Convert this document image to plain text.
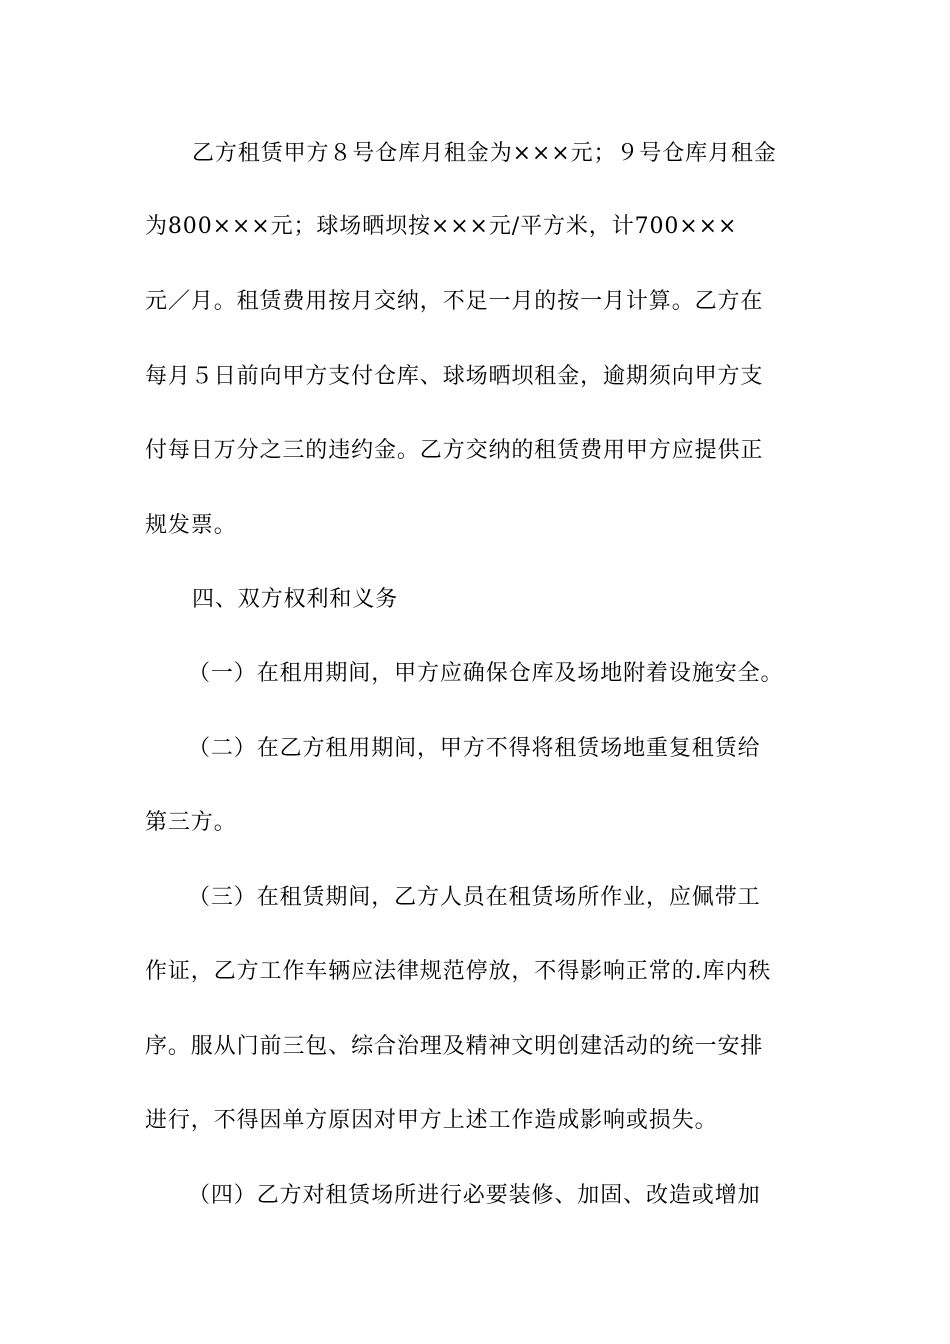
乙方租赁甲方８号仓库月租金为×××元；９号仓库月租金
为800×××元；球场晒坝按×××元/平方米，计700×××
元／月。租赁费用按月交纳，不足一月的按一月计算。乙方在
每月５日前向甲方支付仓库、球场晒坝租金，逾期须向甲方支
付每日万分之三的违约金。乙方交纳的租赁费用甲方应提供正
规发票。
四、双方权利和义务
（一）在租用期间，甲方应确保仓库及场地附着设施安全。
（二）在乙方租用期间，甲方不得将租赁场地重复租赁给
第三方。
（三）在租赁期间，乙方人员在租赁场所作业，应佩带工
作证，乙方工作车辆应法律规范停放，不得影响正常的.库内秩
序。服从门前三包、综合治理及精神文明创建活动的统一安排
进行，不得因单方原因对甲方上述工作造成影响或损失。
（四）乙方对租赁场所进行必要装修、加固、改造或增加
